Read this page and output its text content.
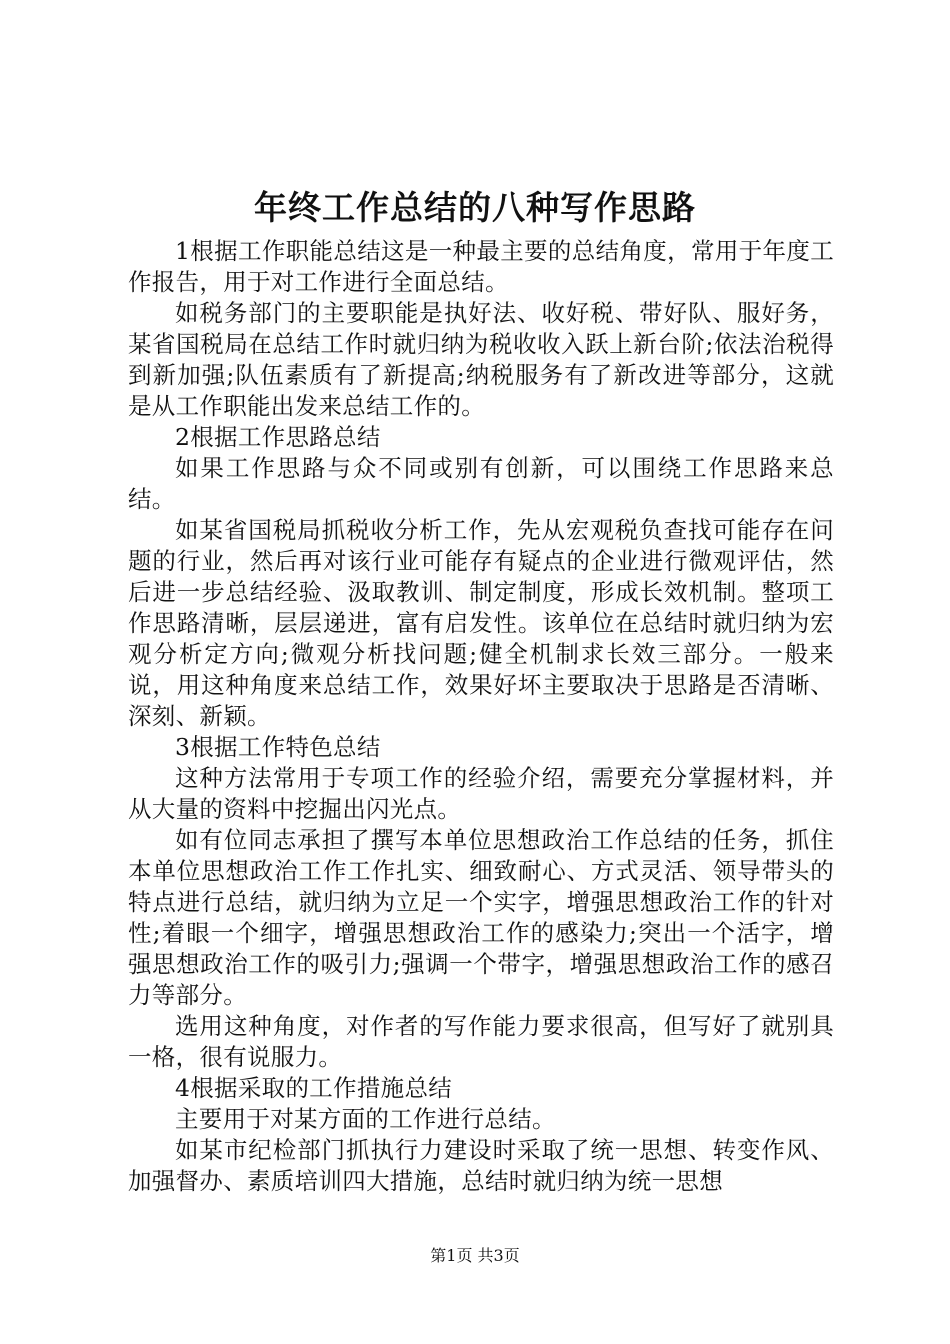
年终工作总结的八种写作思路

1根据工作职能总结这是一种最主要的总结角度，常用于年度工作报告，用于对工作进行全面总结。

如税务部门的主要职能是执好法、收好税、带好队、服好务，某省国税局在总结工作时就归纳为税收收入跃上新台阶;依法治税得到新加强;队伍素质有了新提高;纳税服务有了新改进等部分，这就是从工作职能出发来总结工作的。

2根据工作思路总结

如果工作思路与众不同或别有创新，可以围绕工作思路来总结。

如某省国税局抓税收分析工作，先从宏观税负查找可能存在问题的行业，然后再对该行业可能存有疑点的企业进行微观评估，然后进一步总结经验、汲取教训、制定制度，形成长效机制。整项工作思路清晰，层层递进，富有启发性。该单位在总结时就归纳为宏观分析定方向;微观分析找问题;健全机制求长效三部分。一般来说，用这种角度来总结工作，效果好坏主要取决于思路是否清晰、深刻、新颖。

3根据工作特色总结

这种方法常用于专项工作的经验介绍，需要充分掌握材料，并从大量的资料中挖掘出闪光点。

如有位同志承担了撰写本单位思想政治工作总结的任务，抓住本单位思想政治工作工作扎实、细致耐心、方式灵活、领导带头的特点进行总结，就归纳为立足一个实字，增强思想政治工作的针对性;着眼一个细字，增强思想政治工作的感染力;突出一个活字，增强思想政治工作的吸引力;强调一个带字，增强思想政治工作的感召力等部分。

选用这种角度，对作者的写作能力要求很高，但写好了就别具一格，很有说服力。

4根据采取的工作措施总结

主要用于对某方面的工作进行总结。

如某市纪检部门抓执行力建设时采取了统一思想、转变作风、加强督办、素质培训四大措施，总结时就归纳为统一思想

第1页 共3页
